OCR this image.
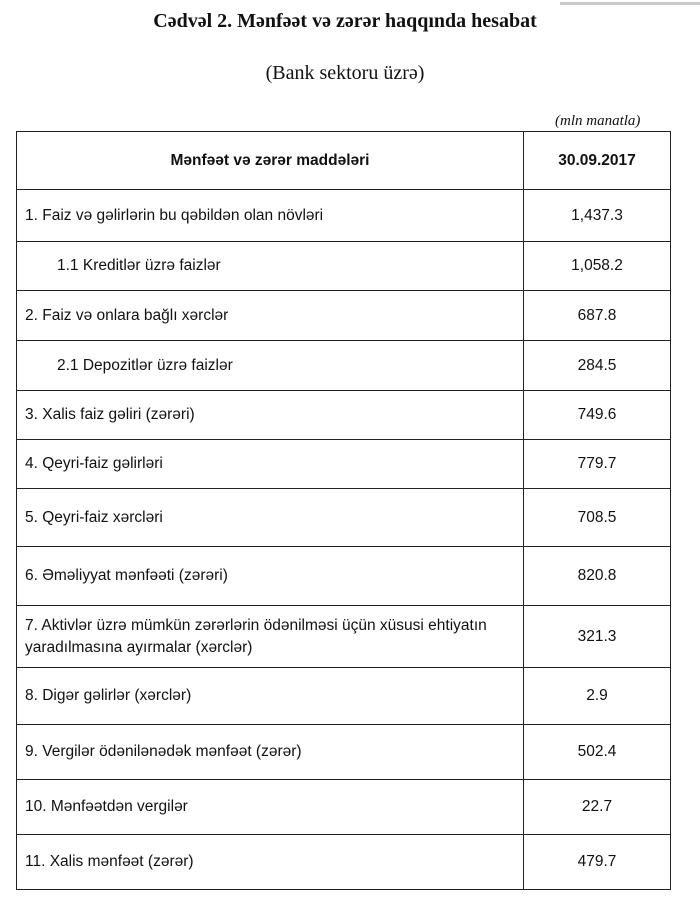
Cədvəl 2. Mənfəət və zərər haqqında hesabat
(Bank sektoru üzrə)
(mln manatla)
Mənfəət və zərər maddələri	30.09.2017
1. Faiz və gəlirlərin bu qəbildən olan növləri	1,437.3
1.1 Kreditlər üzrə faizlər	1,058.2
2. Faiz və onlara bağlı xərclər	687.8
2.1 Depozitlər üzrə faizlər	284.5
3. Xalis faiz gəliri (zərəri)	749.6
4. Qeyri-faiz gəlirləri	779.7
5. Qeyri-faiz xərcləri	708.5
6. Əməliyyat mənfəəti (zərəri)	820.8
7. Aktivlər üzrə mümkün zərərlərin ödənilməsi üçün xüsusi ehtiyatın yaradılmasına ayırmalar (xərclər)	321.3
8. Digər gəlirlər (xərclər)	2.9
9. Vergilər ödənilənədək mənfəət (zərər)	502.4
10. Mənfəətdən vergilər	22.7
11. Xalis mənfəət (zərər)	479.7
